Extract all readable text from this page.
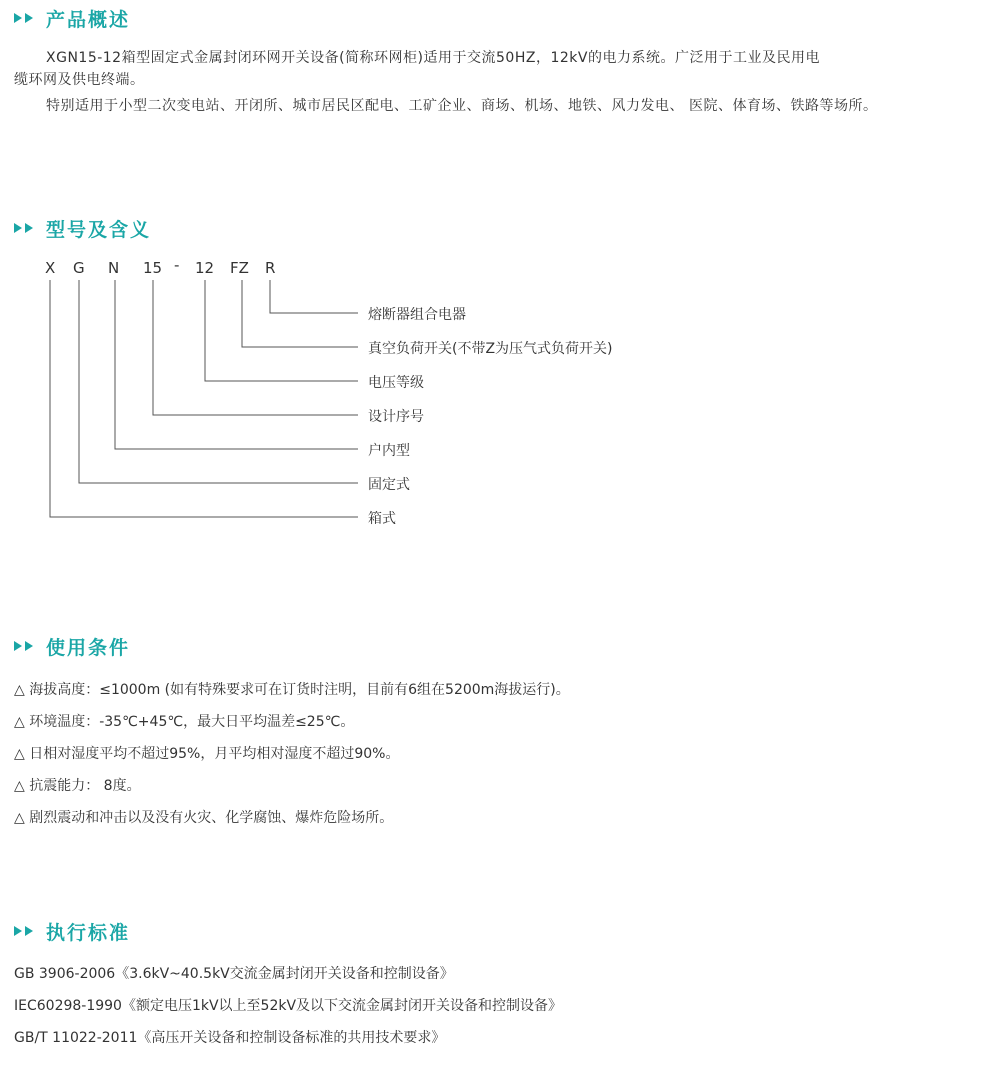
产品概述
XGN15-12箱型固定式金属封闭环网开关设备(简称环网柜)适用于交流50HZ，12kV的电力系统。广泛用于工业及民用电
缆环网及供电终端。
特别适用于小型二次变电站、开闭所、城市居民区配电、工矿企业、商场、机场、地铁、风力发电、 医院、体育场、铁路等场所。
型号及含义
X G N 15 - 12 FZ R
熔断器组合电器
真空负荷开关(不带Z为压气式负荷开关)
电压等级
设计序号
户内型
固定式
箱式
使用条件
△ 海拔高度：≤1000m (如有特殊要求可在订货时注明，目前有6组在5200m海拔运行)。
△ 环境温度：-35℃+45℃，最大日平均温差≤25℃。
△ 日相对湿度平均不超过95%，月平均相对湿度不超过90%。
△ 抗震能力： 8度。
△ 剧烈震动和冲击以及没有火灾、化学腐蚀、爆炸危险场所。
执行标准
GB 3906-2006《3.6kV~40.5kV交流金属封闭开关设备和控制设备》
IEC60298-1990《额定电压1kV以上至52kV及以下交流金属封闭开关设备和控制设备》
GB/T 11022-2011《高压开关设备和控制设备标准的共用技术要求》
